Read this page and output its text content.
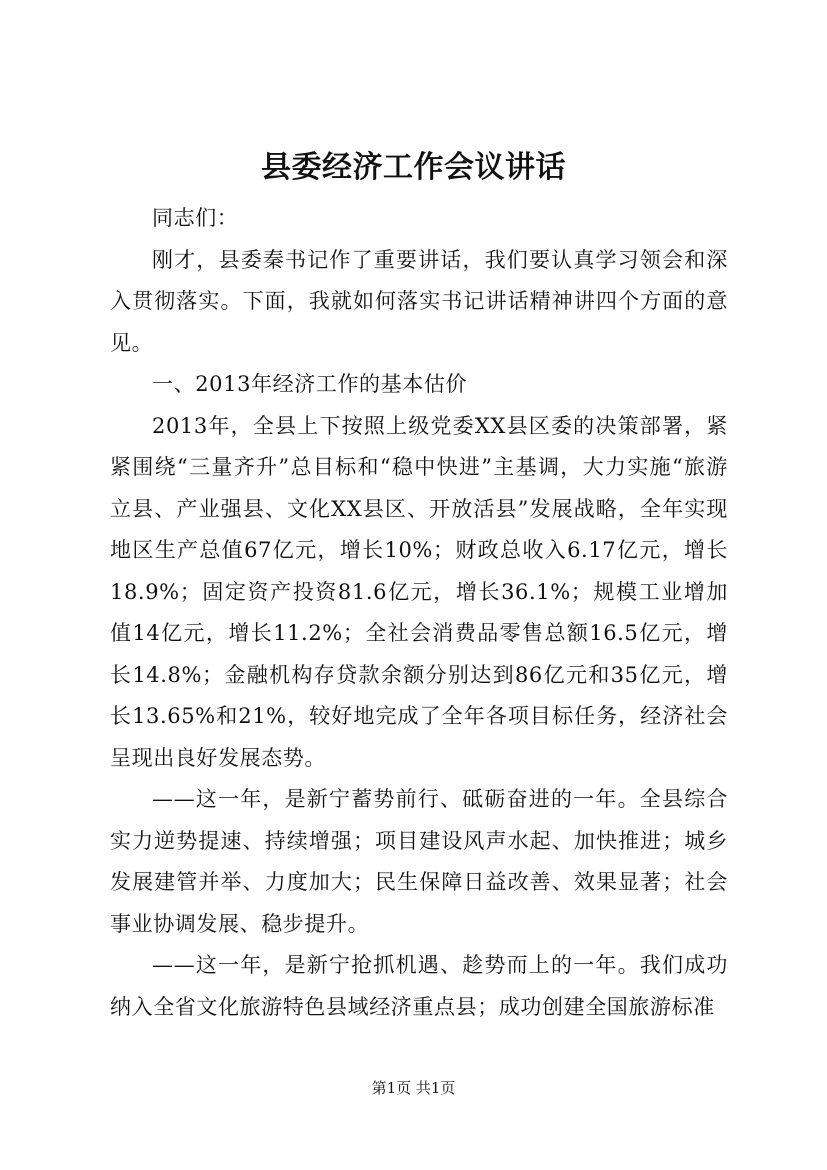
县委经济工作会议讲话

同志们：

刚才，县委秦书记作了重要讲话，我们要认真学习领会和深入贯彻落实。下面，我就如何落实书记讲话精神讲四个方面的意见。

一、2013年经济工作的基本估价

2013年，全县上下按照上级党委XX县区委的决策部署，紧紧围绕“三量齐升”总目标和“稳中快进”主基调，大力实施“旅游立县、产业强县、文化XX县区、开放活县”发展战略，全年实现地区生产总值67亿元，增长10%；财政总收入6.17亿元，增长18.9%；固定资产投资81.6亿元，增长36.1%；规模工业增加值14亿元，增长11.2%；全社会消费品零售总额16.5亿元，增长14.8%；金融机构存贷款余额分别达到86亿元和35亿元，增长13.65%和21%，较好地完成了全年各项目标任务，经济社会呈现出良好发展态势。

——这一年，是新宁蓄势前行、砥砺奋进的一年。全县综合实力逆势提速、持续增强；项目建设风声水起、加快推进；城乡发展建管并举、力度加大；民生保障日益改善、效果显著；社会事业协调发展、稳步提升。

——这一年，是新宁抢抓机遇、趁势而上的一年。我们成功纳入全省文化旅游特色县域经济重点县；成功创建全国旅游标准

第1页 共1页
